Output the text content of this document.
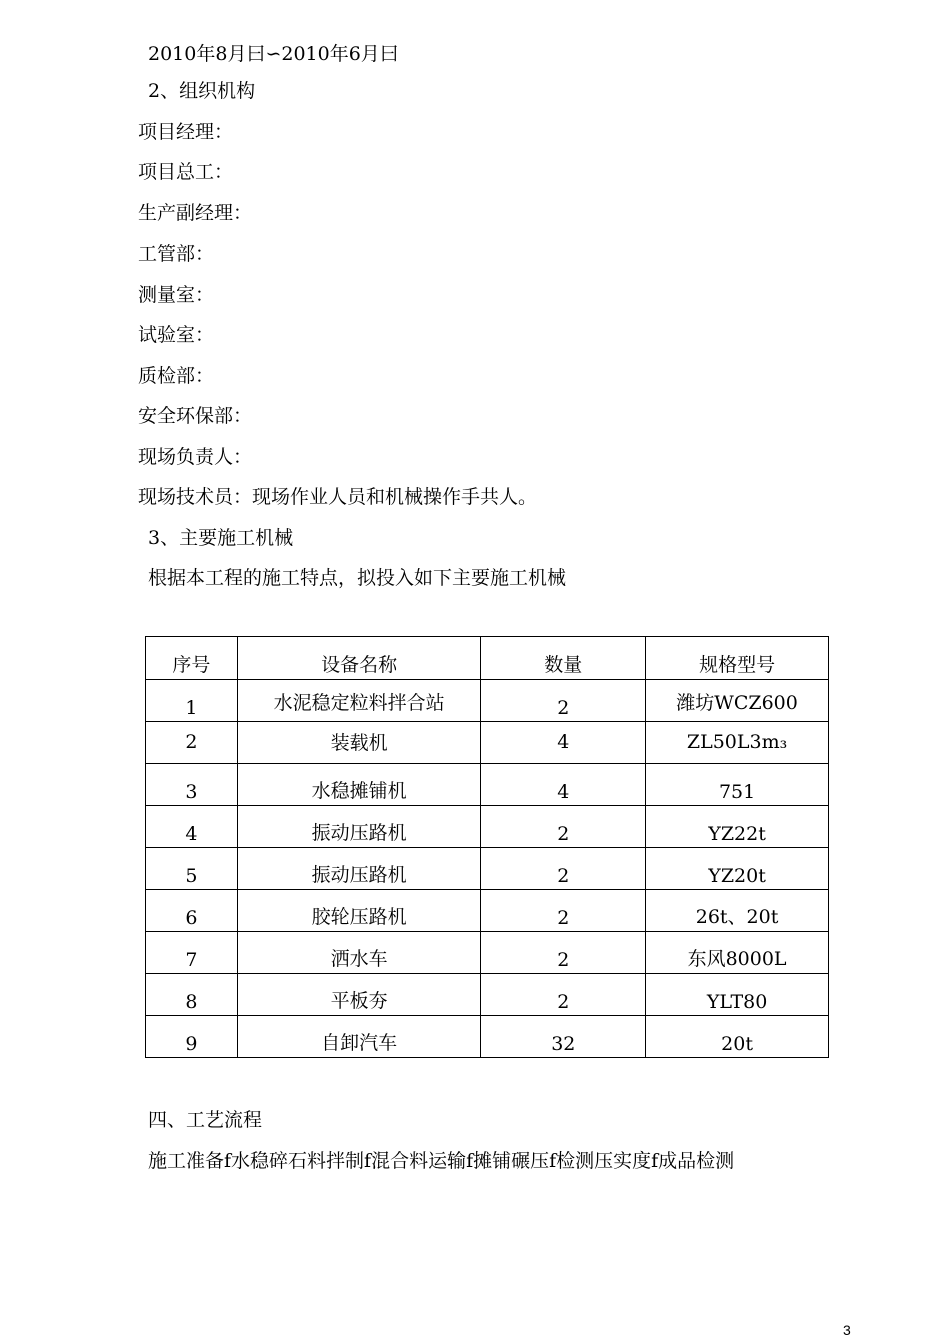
2010年8月曰∽2010年6月曰
2、组织机构
项目经理：
项目总工：
生产副经理：
工管部：
测量室：
试验室：
质检部：
安全环保部：
现场负责人：
现场技术员：现场作业人员和机械操作手共人。
3、主要施工机械
根据本工程的施工特点，拟投入如下主要施工机械
序号	设备名称	数量	规格型号
1	水泥稳定粒料拌合站	2	潍坊WCZ600
2	装载机	4	ZL50L3m₃
3	水稳摊铺机	4	751
4	振动压路机	2	YZ22t
5	振动压路机	2	YZ20t
6	胶轮压路机	2	26t、20t
7	洒水车	2	东风8000L
8	平板夯	2	YLT80
9	自卸汽车	32	20t
四、工艺流程
施工准备f水稳碎石料拌制f混合料运输f摊铺碾压f检测压实度f成品检测
3
